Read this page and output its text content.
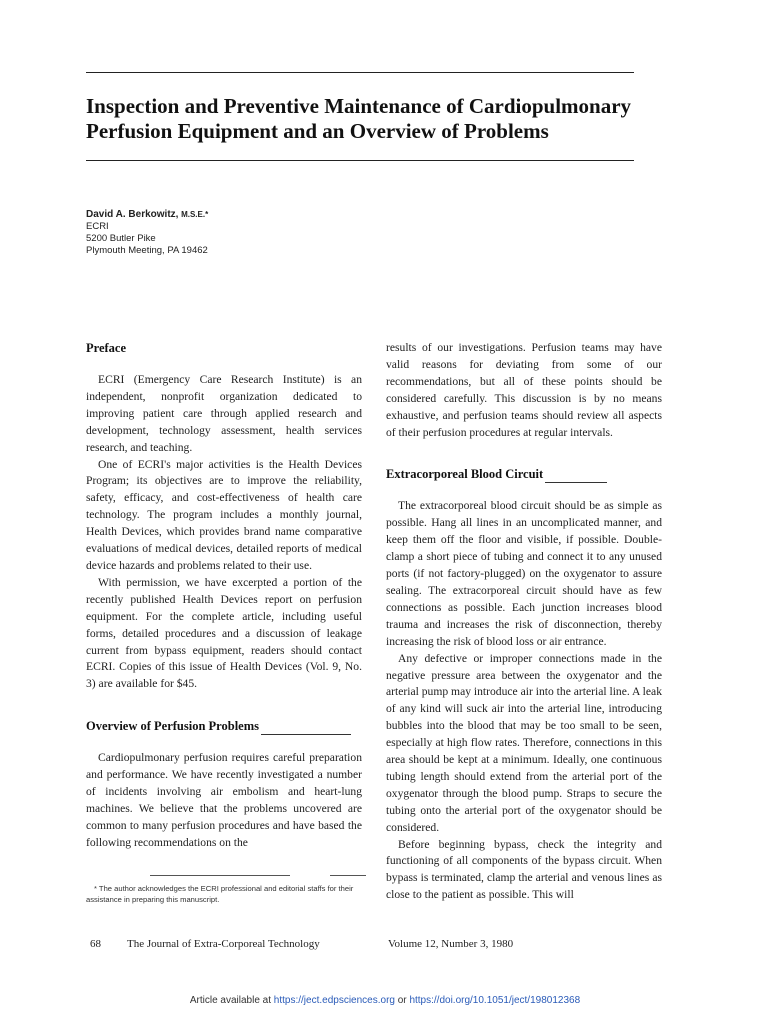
Inspection and Preventive Maintenance of Cardiopulmonary
Perfusion Equipment and an Overview of Problems
David A. Berkowitz, M.S.E.*
ECRI
5200 Butler Pike
Plymouth Meeting, PA 19462
Preface

ECRI (Emergency Care Research Institute) is an independent, nonprofit organization dedicated to improving patient care through applied research and development, technology assessment, health services research, and teaching.

One of ECRI's major activities is the Health Devices Program; its objectives are to improve the reliability, safety, efficacy, and cost-effectiveness of health care technology. The program includes a monthly journal, Health Devices, which provides brand name comparative evaluations of medical devices, detailed reports of medical device hazards and problems related to their use.

With permission, we have excerpted a portion of the recently published Health Devices report on perfusion equipment. For the complete article, including useful forms, detailed procedures and a discussion of leakage current from bypass equipment, readers should contact ECRI. Copies of this issue of Health Devices (Vol. 9, No. 3) are available for $45.

Overview of Perfusion Problems

Cardiopulmonary perfusion requires careful preparation and performance. We have recently investigated a number of incidents involving air embolism and heart-lung machines. We believe that the problems uncovered are common to many perfusion procedures and have based the following recommendations on the

results of our investigations. Perfusion teams may have valid reasons for deviating from some of our recommendations, but all of these points should be considered carefully. This discussion is by no means exhaustive, and perfusion teams should review all aspects of their perfusion procedures at regular intervals.

Extracorporeal Blood Circuit

The extracorporeal blood circuit should be as simple as possible. Hang all lines in an uncomplicated manner, and keep them off the floor and visible, if possible. Double-clamp a short piece of tubing and connect it to any unused ports (if not factory-plugged) on the oxygenator to assure sealing. The extracorporeal circuit should have as few connections as possible. Each junction increases blood trauma and increases the risk of disconnection, thereby increasing the risk of blood loss or air entrance.

Any defective or improper connections made in the negative pressure area between the oxygenator and the arterial pump may introduce air into the arterial line. A leak of any kind will suck air into the arterial line, introducing bubbles into the blood that may be too small to be seen, especially at high flow rates. Therefore, connections in this area should be kept at a minimum. Ideally, one continuous tubing length should extend from the arterial port of the oxygenator through the blood pump. Straps to secure the tubing onto the arterial port of the oxygenator should be considered.

Before beginning bypass, check the integrity and functioning of all components of the bypass circuit. When bypass is terminated, clamp the arterial and venous lines as close to the patient as possible. This will

* The author acknowledges the ECRI professional and editorial staffs for their assistance in preparing this manuscript.

68 The Journal of Extra-Corporeal Technology	Volume 12, Number 3, 1980
Article available at https://ject.edpsciences.org or https://doi.org/10.1051/ject/198012368
